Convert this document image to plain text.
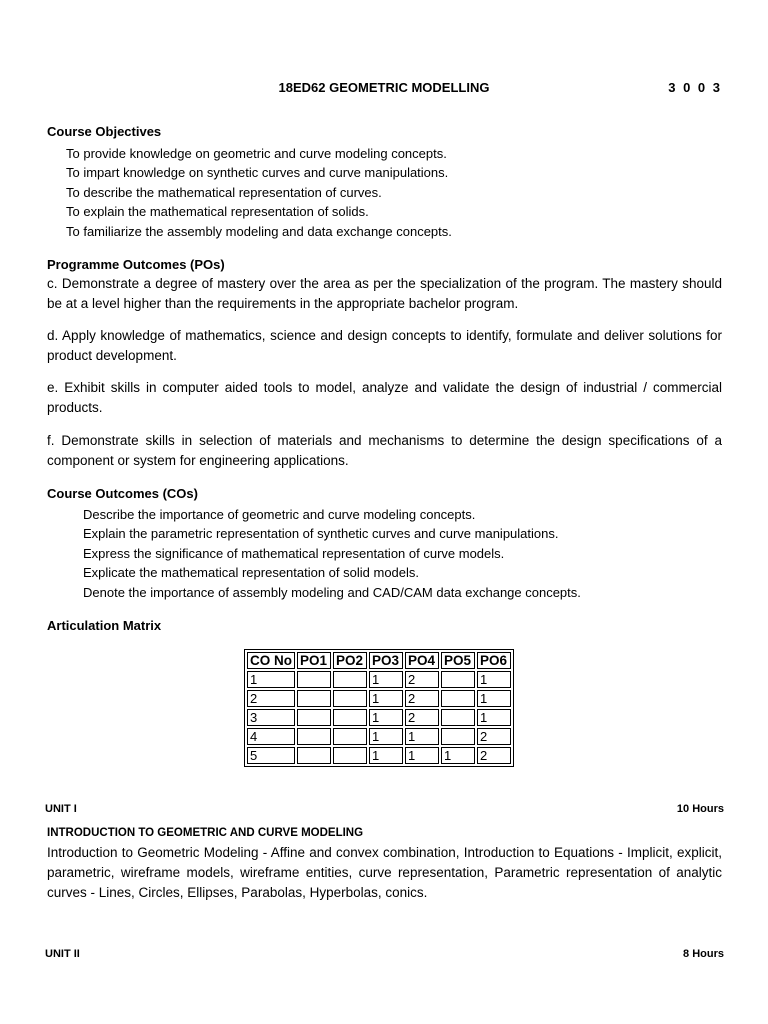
18ED62 GEOMETRIC MODELLING	3 0 0 3
Course Objectives
To provide knowledge on geometric and curve modeling concepts.
To impart knowledge on synthetic curves and curve manipulations.
To describe the mathematical representation of curves.
To explain the mathematical representation of solids.
To familiarize the assembly modeling and data exchange concepts.
Programme Outcomes (POs)
c. Demonstrate a degree of mastery over the area as per the specialization of the program. The mastery should be at a level higher than the requirements in the appropriate bachelor program.
d. Apply knowledge of mathematics, science and design concepts to identify, formulate and deliver solutions for product development.
e. Exhibit skills in computer aided tools to model, analyze and validate the design of industrial / commercial products.
f. Demonstrate skills in selection of materials and mechanisms to determine the design specifications of a component or system for engineering applications.
Course Outcomes (COs)
Describe the importance of geometric and curve modeling concepts.
Explain the parametric representation of synthetic curves and curve manipulations.
Express the significance of mathematical representation of curve models.
Explicate the mathematical representation of solid models.
Denote the importance of assembly modeling and CAD/CAM data exchange concepts.
Articulation Matrix
CO No	PO1	PO2	PO3	PO4	PO5	PO6
1			1	2		1
2			1	2		1
3			1	2		1
4			1	1		2
5			1	1	1	2
UNIT I	10 Hours
INTRODUCTION TO GEOMETRIC AND CURVE MODELING
Introduction to Geometric Modeling - Affine and convex combination, Introduction to Equations - Implicit, explicit, parametric, wireframe models, wireframe entities, curve representation, Parametric representation of analytic curves - Lines, Circles, Ellipses, Parabolas, Hyperbolas, conics.
UNIT II	8 Hours
